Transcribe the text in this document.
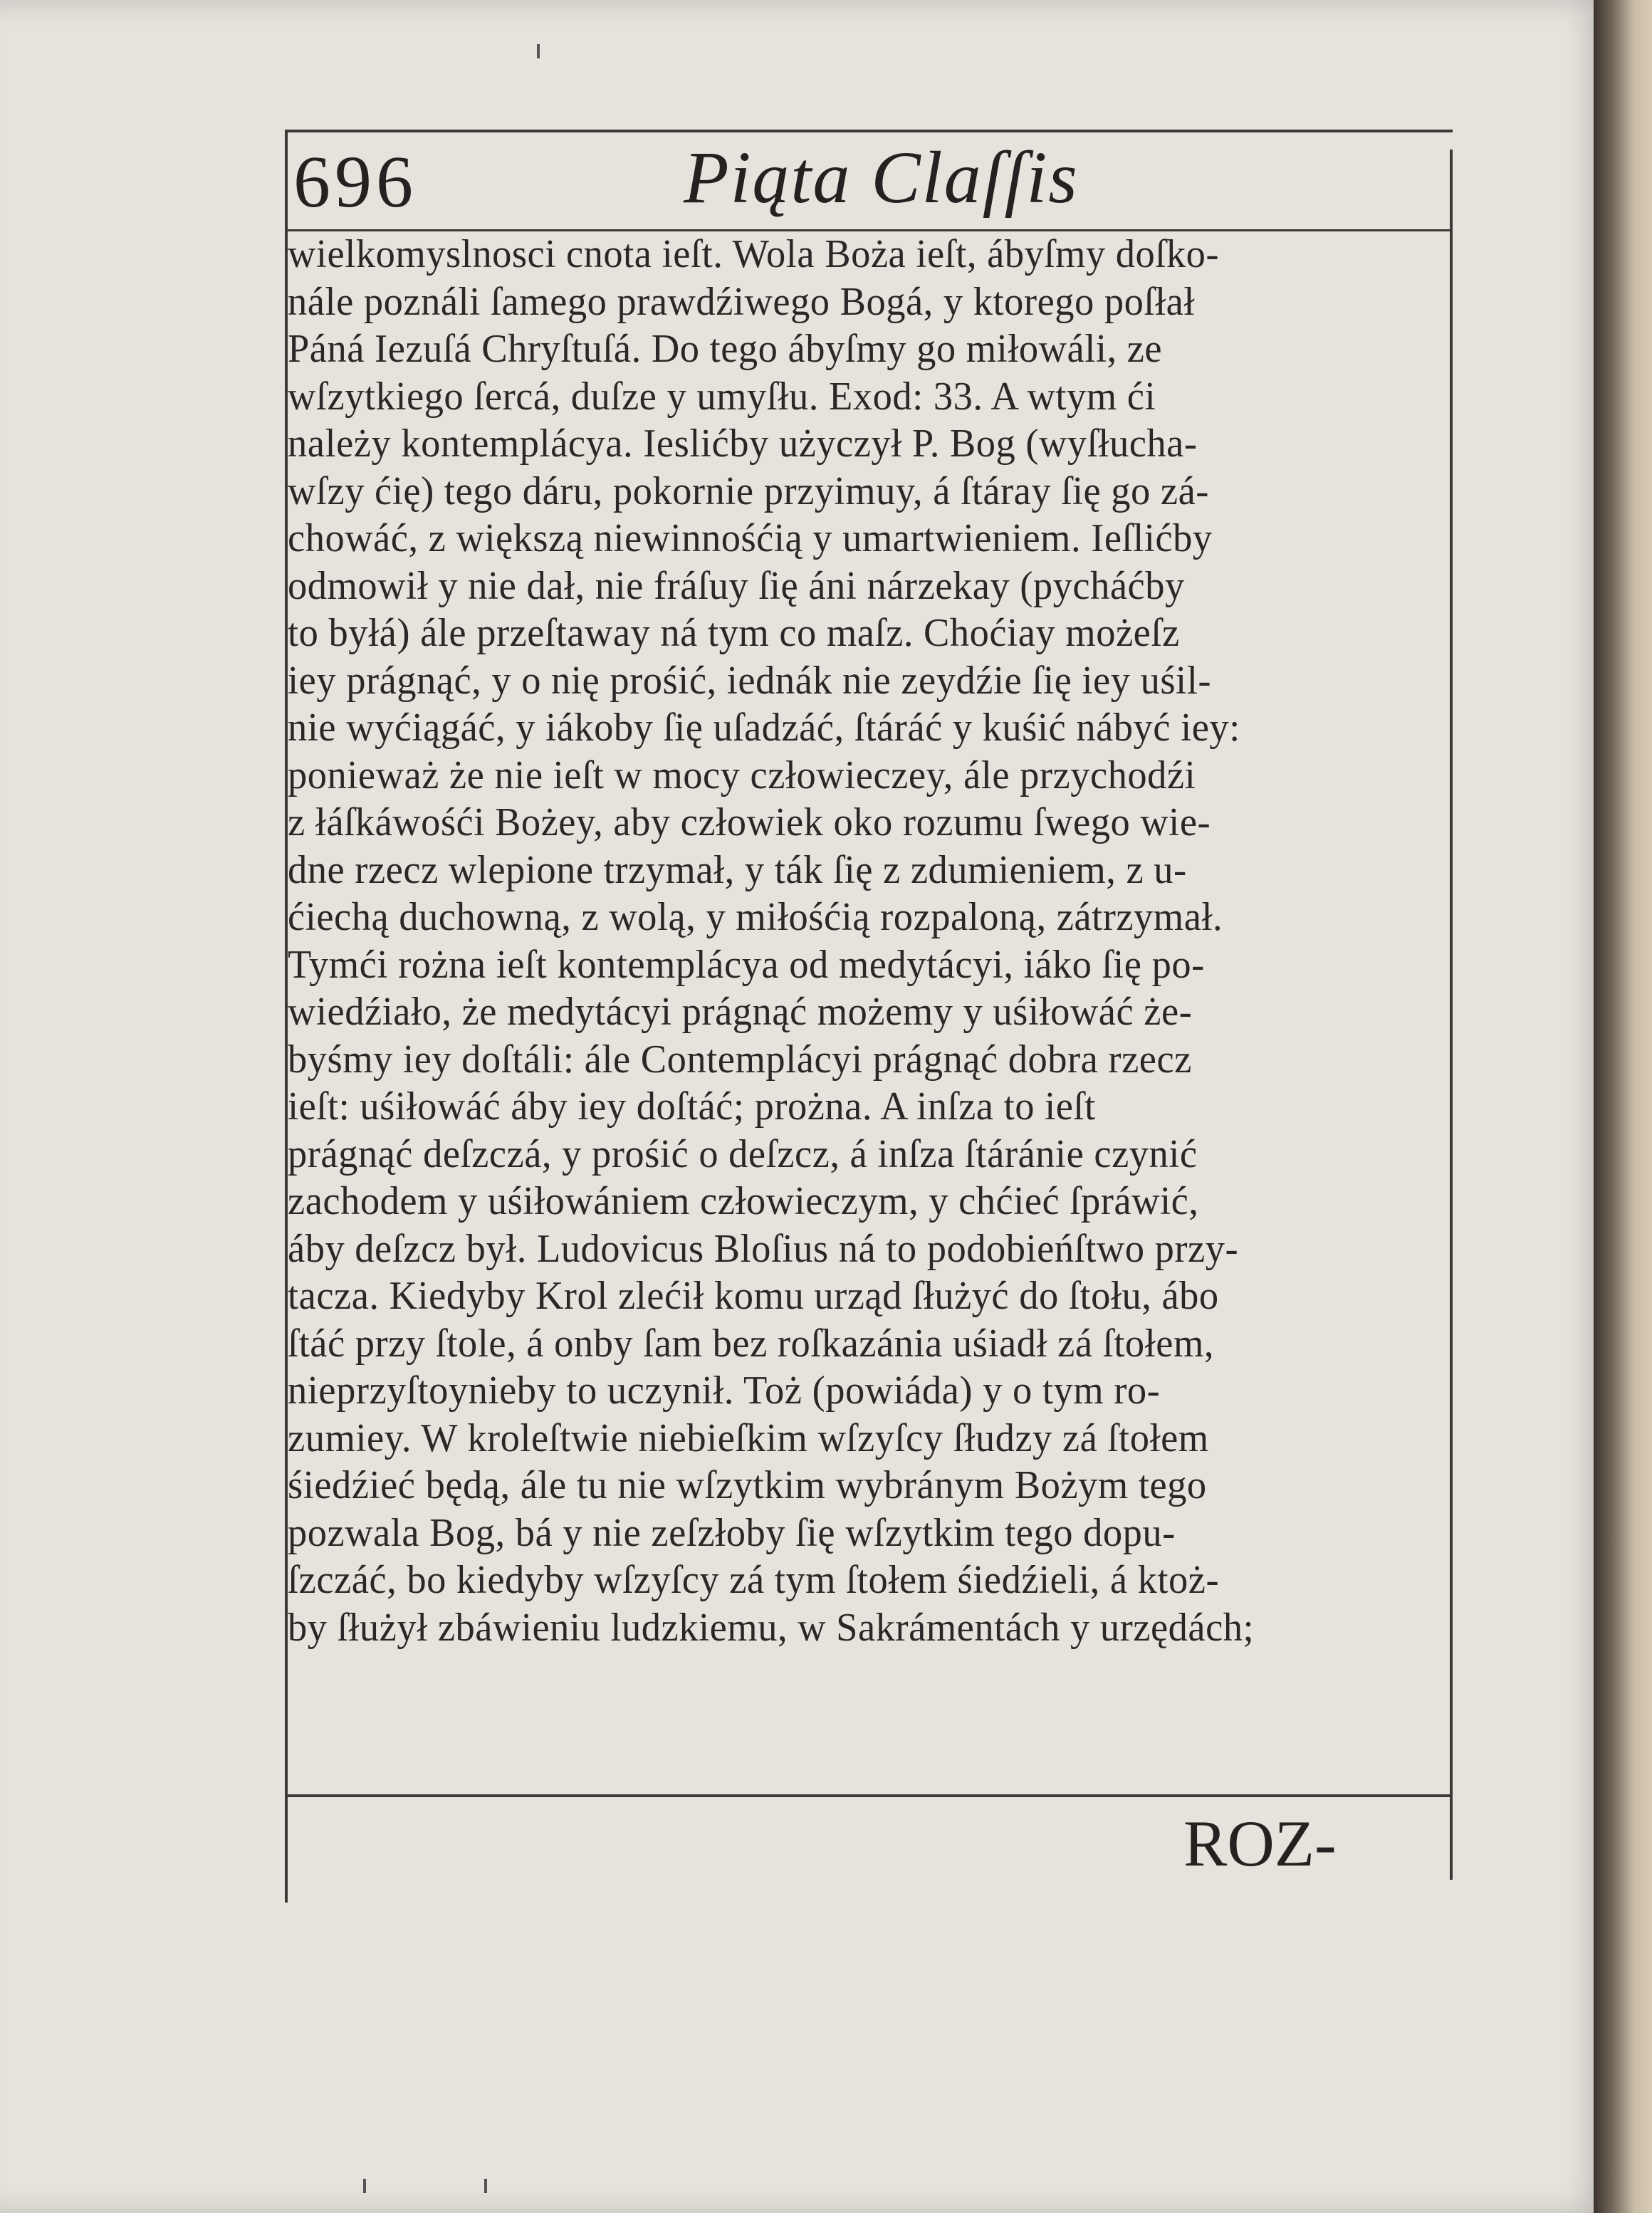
696	Piąta Claſſis
wielkomyslnosci cnota ieſt. Wola Boża ieſt, ábyſmy doſko-
nále poználi ſamego prawdźiwego Bogá, y ktorego poſłał
Páná Iezuſá Chryſtuſá. Do tego ábyſmy go miłowáli, ze
wſzytkiego ſercá, duſze y umyſłu. Exod: 33. A wtym ći
należy kontemplácya. Ieslićby użyczył P. Bog (wyſłucha-
wſzy ćię) tego dáru, pokornie przyimuy, á ſtáray ſię go zá-
chowáć, z większą niewinnośćią y umartwieniem. Ieſlićby
odmowił y nie dał, nie fráſuy ſię áni nárzekay (pycháćby
to byłá) ále przeſtaway ná tym co maſz. Choćiay możeſz
iey prágnąć, y o nię prośić, iednák nie zeydźie ſię iey uśil-
nie wyćiągáć, y iákoby ſię uſadzáć, ſtáráć y kuśić nábyć iey:
ponieważ że nie ieſt w mocy człowieczey, ále przychodźi
z łáſkáwośći Bożey, aby człowiek oko rozumu ſwego wie-
dne rzecz wlepione trzymał, y ták ſię z zdumieniem, z u-
ćiechą duchowną, z wolą, y miłośćią rozpaloną, zátrzymał.
Tymći rożna ieſt kontemplácya od medytácyi, iáko ſię po-
wiedźiało, że medytácyi prágnąć możemy y uśiłowáć że-
byśmy iey doſtáli: ále Contemplácyi prágnąć dobra rzecz
ieſt: uśiłowáć áby iey doſtáć; prożna. A inſza to ieſt
prágnąć deſzczá, y prośić o deſzcz, á inſza ſtáránie czynić
zachodem y uśiłowániem człowieczym, y chćieć ſpráwić,
áby deſzcz był. Ludovicus Bloſius ná to podobieńſtwo przy-
tacza. Kiedyby Krol zlećił komu urząd ſłużyć do ſtołu, ábo
ſtáć przy ſtole, á onby ſam bez roſkazánia uśiadł zá ſtołem,
nieprzyſtoynieby to uczynił. Toż (powiáda) y o tym ro-
zumiey. W kroleſtwie niebieſkim wſzyſcy ſłudzy zá ſtołem
śiedźieć będą, ále tu nie wſzytkim wybránym Bożym tego
pozwala Bog, bá y nie zeſzłoby ſię wſzytkim tego dopu-
ſzczáć, bo kiedyby wſzyſcy zá tym ſtołem śiedźieli, á ktoż-
by ſłużył zbáwieniu ludzkiemu, w Sakrámentách y urzędách;
ROZ-
